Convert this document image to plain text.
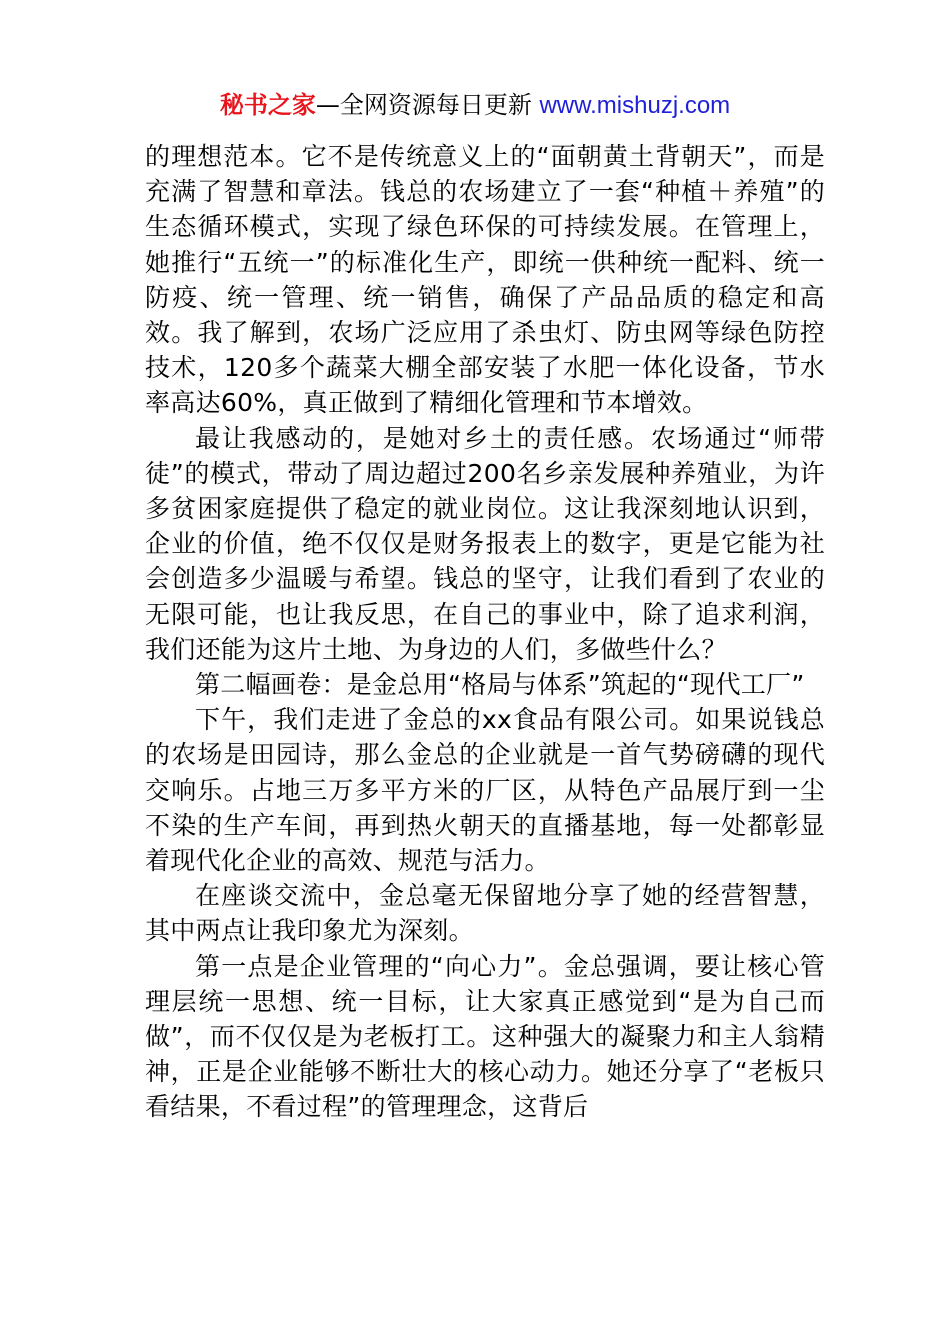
秘书之家—全网资源每日更新 www.mishuzj.com

的理想范本。它不是传统意义上的“面朝黄土背朝天”，而是充满了智慧和章法。钱总的农场建立了一套“种植＋养殖”的生态循环模式，实现了绿色环保的可持续发展。在管理上，她推行“五统一”的标准化生产，即统一供种统一配料、统一防疫、统一管理、统一销售，确保了产品品质的稳定和高效。我了解到，农场广泛应用了杀虫灯、防虫网等绿色防控技术，120多个蔬菜大棚全部安装了水肥一体化设备，节水率高达60%，真正做到了精细化管理和节本增效。

最让我感动的，是她对乡土的责任感。农场通过“师带徒”的模式，带动了周边超过200名乡亲发展种养殖业，为许多贫困家庭提供了稳定的就业岗位。这让我深刻地认识到，企业的价值，绝不仅仅是财务报表上的数字，更是它能为社会创造多少温暖与希望。钱总的坚守，让我们看到了农业的无限可能，也让我反思，在自己的事业中，除了追求利润，我们还能为这片土地、为身边的人们，多做些什么？

第二幅画卷：是金总用“格局与体系”筑起的“现代工厂”

下午，我们走进了金总的xx食品有限公司。如果说钱总的农场是田园诗，那么金总的企业就是一首气势磅礴的现代交响乐。占地三万多平方米的厂区，从特色产品展厅到一尘不染的生产车间，再到热火朝天的直播基地，每一处都彰显着现代化企业的高效、规范与活力。

在座谈交流中，金总毫无保留地分享了她的经营智慧，其中两点让我印象尤为深刻。

第一点是企业管理的“向心力”。金总强调，要让核心管理层统一思想、统一目标，让大家真正感觉到“是为自己而做”，而不仅仅是为老板打工。这种强大的凝聚力和主人翁精神，正是企业能够不断壮大的核心动力。她还分享了“老板只看结果，不看过程”的管理理念，这背后
